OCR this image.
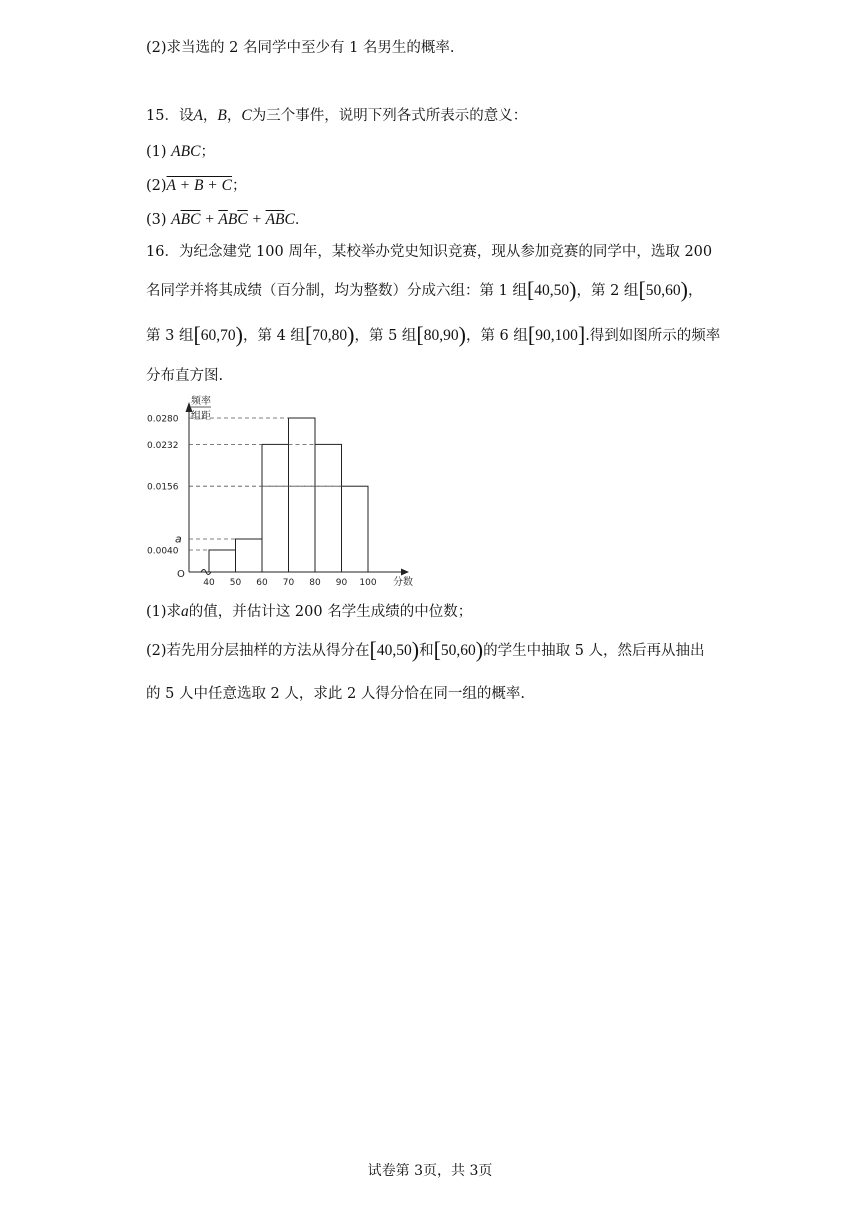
(2)求当选的 2 名同学中至少有 1 名男生的概率.
15．设A，B，C为三个事件，说明下列各式所表示的意义：
(1) ABC；
(2)A + B + C；
(3) $A\overline{BC} + \overline{A}B\overline{C} + \overline{AB}C$．
16．为纪念建党 100 周年，某校举办党史知识竞赛，现从参加竞赛的同学中，选取 200
名同学并将其成绩（百分制，均为整数）分成六组：第 1 组[40,50)，第 2 组[50,60)，
第 3 组[60,70)，第 4 组[70,80)，第 5 组[80,90)，第 6 组[90,100].得到如图所示的频率
分布直方图.
O
频率
组距
分数
0.0280
0.0232
0.0156
a
0.0040
40 50 60 70 80 90 100
(1)求a的值，并估计这 200 名学生成绩的中位数；
(2)若先用分层抽样的方法从得分在[40,50)和[50,60)的学生中抽取 5 人，然后再从抽出
的 5 人中任意选取 2 人，求此 2 人得分恰在同一组的概率.
试卷第 3页，共 3页
